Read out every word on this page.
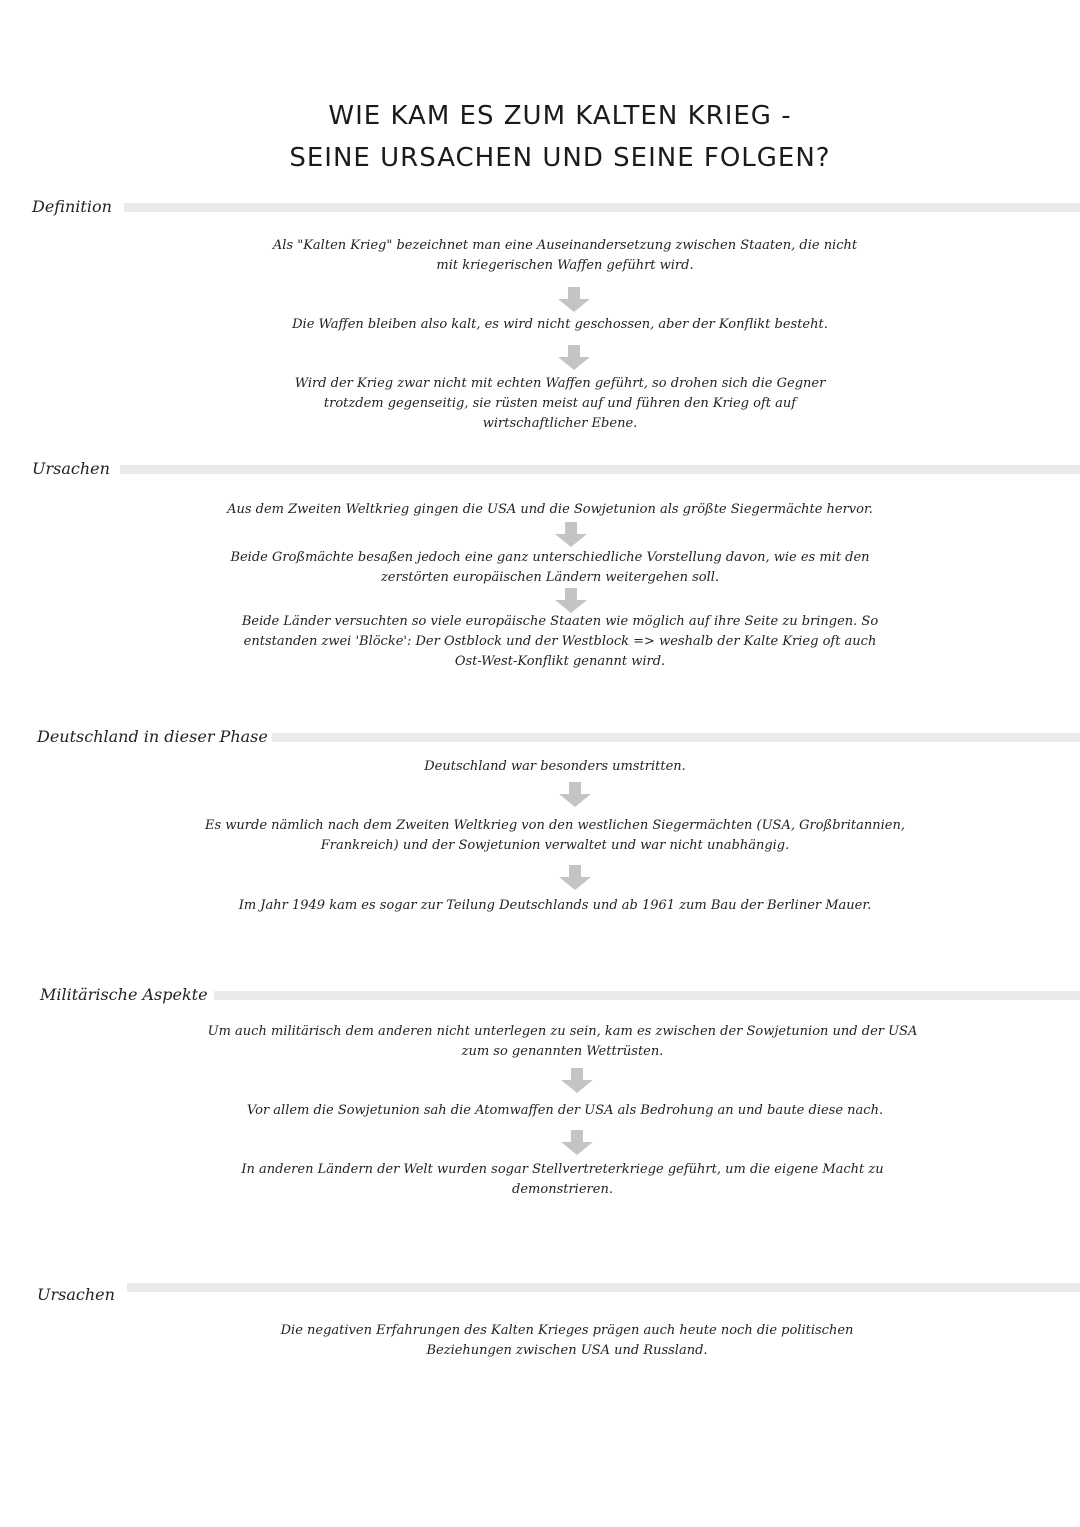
WIE KAM ES ZUM KALTEN KRIEG -
SEINE URSACHEN UND SEINE FOLGEN?
Definition
Als "Kalten Krieg" bezeichnet man eine Auseinandersetzung zwischen Staaten, die nicht mit kriegerischen Waffen geführt wird.
Die Waffen bleiben also kalt, es wird nicht geschossen, aber der Konflikt besteht.
Wird der Krieg zwar nicht mit echten Waffen geführt, so drohen sich die Gegner trotzdem gegenseitig, sie rüsten meist auf und führen den Krieg oft auf wirtschaftlicher Ebene.
Ursachen
Aus dem Zweiten Weltkrieg gingen die USA und die Sowjetunion als größte Siegermächte hervor.
Beide Großmächte besaßen jedoch eine ganz unterschiedliche Vorstellung davon, wie es mit den zerstörten europäischen Ländern weitergehen soll.
Beide Länder versuchten so viele europäische Staaten wie möglich auf ihre Seite zu bringen. So entstanden zwei 'Blöcke': Der Ostblock und der Westblock => weshalb der Kalte Krieg oft auch Ost-West-Konflikt genannt wird.
Deutschland in dieser Phase
Deutschland war besonders umstritten.
Es wurde nämlich nach dem Zweiten Weltkrieg von den westlichen Siegermächten (USA, Großbritannien, Frankreich) und der Sowjetunion verwaltet und war nicht unabhängig.
Im Jahr 1949 kam es sogar zur Teilung Deutschlands und ab 1961 zum Bau der Berliner Mauer.
Militärische Aspekte
Um auch militärisch dem anderen nicht unterlegen zu sein, kam es zwischen der Sowjetunion und der USA zum so genannten Wettrüsten.
Vor allem die Sowjetunion sah die Atomwaffen der USA als Bedrohung an und baute diese nach.
In anderen Ländern der Welt wurden sogar Stellvertreterkriege geführt, um die eigene Macht zu demonstrieren.
Ursachen
Die negativen Erfahrungen des Kalten Krieges prägen auch heute noch die politischen Beziehungen zwischen USA und Russland.
